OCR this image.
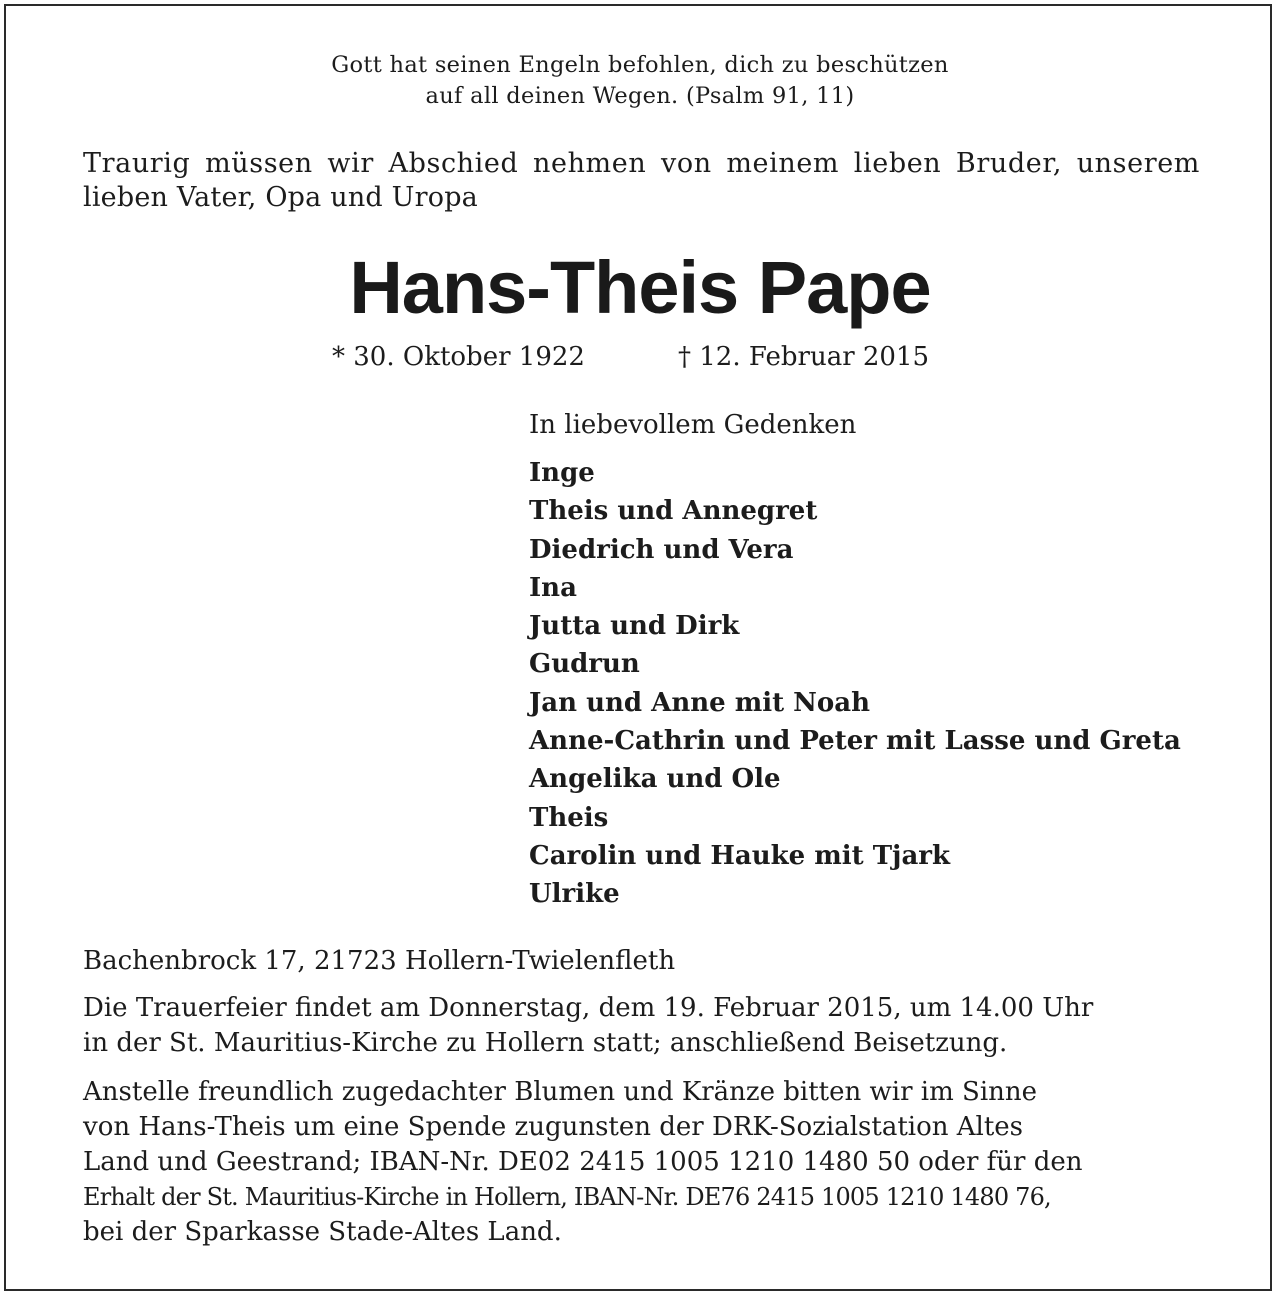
Gott hat seinen Engeln befohlen, dich zu beschützen

auf all deinen Wegen. (Psalm 91, 11)

Traurig müssen wir Abschied nehmen von meinem lieben Bruder, unserem

lieben Vater, Opa und Uropa

Hans-Theis Pape

* 30. Oktober 1922	† 12. Februar 2015

In liebevollem Gedenken

Inge
Theis und Annegret
Diedrich und Vera
Ina
Jutta und Dirk
Gudrun
Jan und Anne mit Noah
Anne-Cathrin und Peter mit Lasse und Greta
Angelika und Ole
Theis
Carolin und Hauke mit Tjark
Ulrike

Bachenbrock 17, 21723 Hollern-Twielenfleth

Die Trauerfeier findet am Donnerstag, dem 19. Februar 2015, um 14.00 Uhr

in der St. Mauritius-Kirche zu Hollern statt; anschließend Beisetzung.

Anstelle freundlich zugedachter Blumen und Kränze bitten wir im Sinne

von Hans-Theis um eine Spende zugunsten der DRK-Sozialstation Altes

Land und Geestrand; IBAN-Nr. DE02 2415 1005 1210 1480 50 oder für den

Erhalt der St. Mauritius-Kirche in Hollern, IBAN-Nr. DE76 2415 1005 1210 1480 76,

bei der Sparkasse Stade-Altes Land.
